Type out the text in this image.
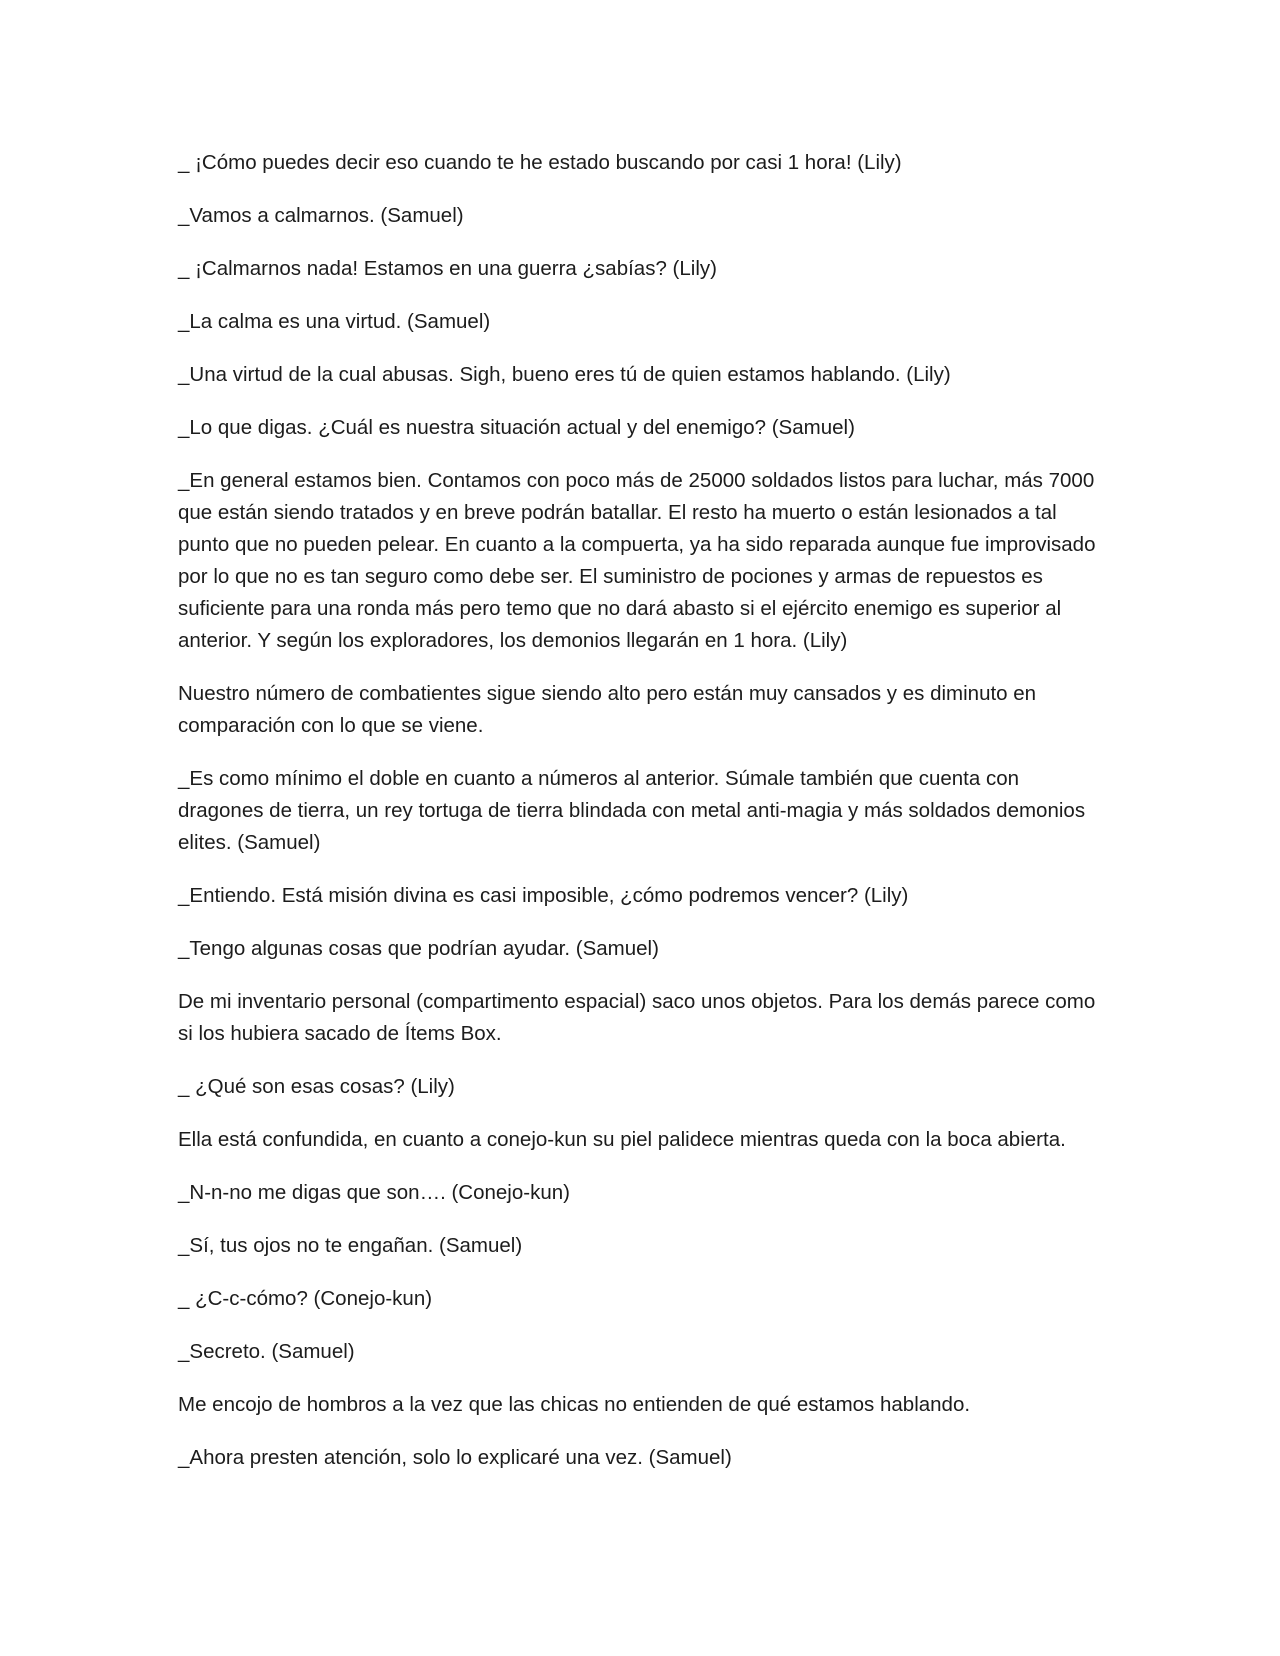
_ ¡Cómo puedes decir eso cuando te he estado buscando por casi 1 hora! (Lily)

_Vamos a calmarnos. (Samuel)

_ ¡Calmarnos nada! Estamos en una guerra ¿sabías? (Lily)

_La calma es una virtud. (Samuel)

_Una virtud de la cual abusas. Sigh, bueno eres tú de quien estamos hablando. (Lily)

_Lo que digas. ¿Cuál es nuestra situación actual y del enemigo? (Samuel)

_En general estamos bien. Contamos con poco más de 25000 soldados listos para luchar, más 7000 que están siendo tratados y en breve podrán batallar. El resto ha muerto o están lesionados a tal punto que no pueden pelear. En cuanto a la compuerta, ya ha sido reparada aunque fue improvisado por lo que no es tan seguro como debe ser. El suministro de pociones y armas de repuestos es suficiente para una ronda más pero temo que no dará abasto si el ejército enemigo es superior al anterior. Y según los exploradores, los demonios llegarán en 1 hora. (Lily)

Nuestro número de combatientes sigue siendo alto pero están muy cansados y es diminuto en comparación con lo que se viene.

_Es como mínimo el doble en cuanto a números al anterior. Súmale también que cuenta con dragones de tierra, un rey tortuga de tierra blindada con metal anti-magia y más soldados demonios elites. (Samuel)

_Entiendo. Está misión divina es casi imposible, ¿cómo podremos vencer? (Lily)

_Tengo algunas cosas que podrían ayudar. (Samuel)

De mi inventario personal (compartimento espacial) saco unos objetos. Para los demás parece como si los hubiera sacado de Ítems Box.

_ ¿Qué son esas cosas? (Lily)

Ella está confundida, en cuanto a conejo-kun su piel palidece mientras queda con la boca abierta.

_N-n-no me digas que son…. (Conejo-kun)

_Sí, tus ojos no te engañan. (Samuel)

_ ¿C-c-cómo? (Conejo-kun)

_Secreto. (Samuel)

Me encojo de hombros a la vez que las chicas no entienden de qué estamos hablando.

_Ahora presten atención, solo lo explicaré una vez. (Samuel)
